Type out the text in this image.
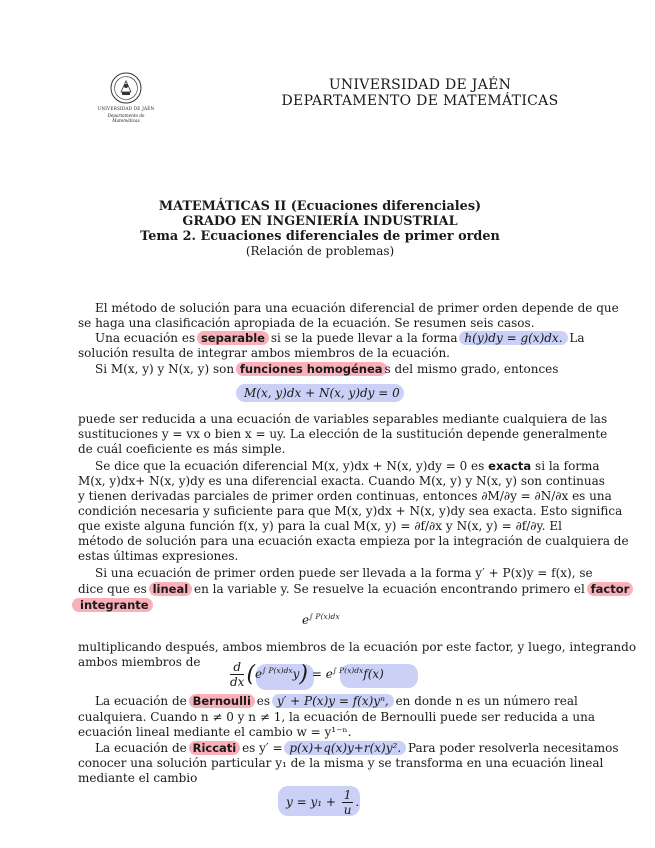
UNIVERSIDAD DE JAÉN
Departamento de Matemáticas
UNIVERSIDAD DE JAÉN
DEPARTAMENTO DE MATEMÁTICAS
MATEMÁTICAS II (Ecuaciones diferenciales)
GRADO EN INGENIERÍA INDUSTRIAL
Tema 2. Ecuaciones diferenciales de primer orden
(Relación de problemas)
El método de solución para una ecuación diferencial de primer orden depende de que
se haga una clasificación apropiada de la ecuación. Se resumen seis casos.
Una ecuación es separable si se la puede llevar a la forma h(y)dy = g(x)dx. La
solución resulta de integrar ambos miembros de la ecuación.
Si M(x, y) y N(x, y) son funciones homogénea s del mismo grado, entonces
M(x, y)dx + N(x, y)dy = 0
puede ser reducida a una ecuación de variables separables mediante cualquiera de las
sustituciones y = vx o bien x = uy. La elección de la sustitución depende generalmente
de cuál coeficiente es más simple.
Se dice que la ecuación diferencial M(x, y)dx + N(x, y)dy = 0 es exacta si la forma
M(x, y)dx+ N(x, y)dy es una diferencial exacta. Cuando M(x, y) y N(x, y) son continuas
y tienen derivadas parciales de primer orden continuas, entonces ∂M/∂y = ∂N/∂x es una
condición necesaria y suficiente para que M(x, y)dx + N(x, y)dy sea exacta. Esto significa
que existe alguna función f(x, y) para la cual M(x, y) = ∂f/∂x y N(x, y) = ∂f/∂y. El
método de solución para una ecuación exacta empieza por la integración de cualquiera de
estas últimas expresiones.
Si una ecuación de primer orden puede ser llevada a la forma y′ + P(x)y = f(x), se
dice que es lineal en la variable y. Se resuelve la ecuación encontrando primero el factor
integrante
$e^{\int P(x)dx}$
multiplicando después, ambos miembros de la ecuación por este factor, y luego, integrando
ambos miembros de	$\frac{d}{dx} (e^{\int P(x)dx}y) = e^{\int P(x)dx}f(x)$
La ecuación de Bernoulli es y′ + P(x)y = f(x)yⁿ, en donde n es un número real
cualquiera. Cuando n ≠ 0 y n ≠ 1, la ecuación de Bernoulli puede ser reducida a una
ecuación lineal mediante el cambio w = y¹⁻ⁿ.
La ecuación de Riccati es y′ = p(x)+q(x)y+r(x)y². Para poder resolverla necesitamos
conocer una solución particular y₁ de la misma y se transforma en una ecuación lineal
mediante el cambio
$y = y_1 + \frac{1}{u}$ .
